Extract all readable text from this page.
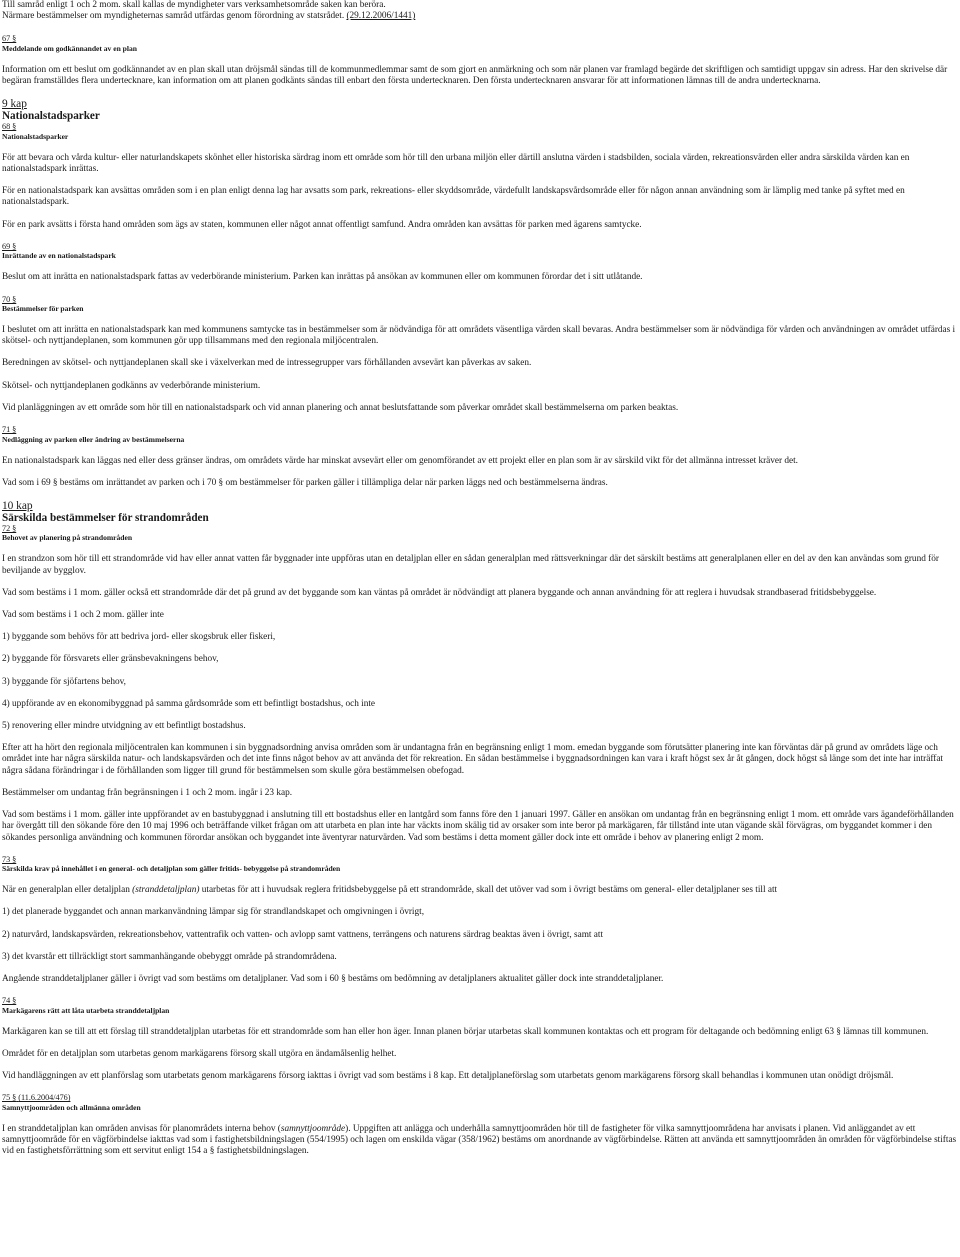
Till samråd enligt 1 och 2 mom. skall kallas de myndigheter vars verksamhetsområde saken kan beröra.

Närmare bestämmelser om myndigheternas samråd utfärdas genom förordning av statsrådet. (29.12.2006/1441)

67 §
Meddelande om godkännandet av en plan

Information om ett beslut om godkännandet av en plan skall utan dröjsmål sändas till de kommunmedlemmar samt de som gjort en anmärkning och som när planen var framlagd begärde det skriftligen och samtidigt uppgav sin adress. Har den skrivelse där begäran framställdes flera undertecknare, kan information om att planen godkänts sändas till enbart den första undertecknaren. Den första undertecknaren ansvarar för att informationen lämnas till de andra undertecknarna.

9 kap
Nationalstadsparker
68 §
Nationalstadsparker

För att bevara och vårda kultur- eller naturlandskapets skönhet eller historiska särdrag inom ett område som hör till den urbana miljön eller därtill anslutna värden i stadsbilden, sociala värden, rekreationsvärden eller andra särskilda värden kan en nationalstadspark inrättas.

För en nationalstadspark kan avsättas områden som i en plan enligt denna lag har avsatts som park, rekreations- eller skyddsområde, värdefullt landskapsvårdsområde eller för någon annan användning som är lämplig med tanke på syftet med en nationalstadspark.

För en park avsätts i första hand områden som ägs av staten, kommunen eller något annat offentligt samfund. Andra områden kan avsättas för parken med ägarens samtycke.

69 §
Inrättande av en nationalstadspark

Beslut om att inrätta en nationalstadspark fattas av vederbörande ministerium. Parken kan inrättas på ansökan av kommunen eller om kommunen förordar det i sitt utlåtande.

70 §
Bestämmelser för parken

I beslutet om att inrätta en nationalstadspark kan med kommunens samtycke tas in bestämmelser som är nödvändiga för att områdets väsentliga värden skall bevaras. Andra bestämmelser som är nödvändiga för vården och användningen av området utfärdas i skötsel- och nyttjandeplanen, som kommunen gör upp tillsammans med den regionala miljöcentralen.

Beredningen av skötsel- och nyttjandeplanen skall ske i växelverkan med de intressegrupper vars förhållanden avsevärt kan påverkas av saken.

Skötsel- och nyttjandeplanen godkänns av vederbörande ministerium.

Vid planläggningen av ett område som hör till en nationalstadspark och vid annan planering och annat beslutsfattande som påverkar området skall bestämmelserna om parken beaktas.

71 §
Nedläggning av parken eller ändring av bestämmelserna

En nationalstadspark kan läggas ned eller dess gränser ändras, om områdets värde har minskat avsevärt eller om genomförandet av ett projekt eller en plan som är av särskild vikt för det allmänna intresset kräver det.

Vad som i 69 § bestäms om inrättandet av parken och i 70 § om bestämmelser för parken gäller i tillämpliga delar när parken läggs ned och bestämmelserna ändras.

10 kap
Särskilda bestämmelser för strandområden
72 §
Behovet av planering på strandområden

I en strandzon som hör till ett strandområde vid hav eller annat vatten får byggnader inte uppföras utan en detaljplan eller en sådan generalplan med rättsverkningar där det särskilt bestäms att generalplanen eller en del av den kan användas som grund för beviljande av bygglov.

Vad som bestäms i 1 mom. gäller också ett strandområde där det på grund av det byggande som kan väntas på området är nödvändigt att planera byggande och annan användning för att reglera i huvudsak strandbaserad fritidsbebyggelse.

Vad som bestäms i 1 och 2 mom. gäller inte

1) byggande som behövs för att bedriva jord- eller skogsbruk eller fiskeri,

2) byggande för försvarets eller gränsbevakningens behov,

3) byggande för sjöfartens behov,

4) uppförande av en ekonomibyggnad på samma gårdsområde som ett befintligt bostadshus, och inte

5) renovering eller mindre utvidgning av ett befintligt bostadshus.

Efter att ha hört den regionala miljöcentralen kan kommunen i sin byggnadsordning anvisa områden som är undantagna från en begränsning enligt 1 mom. emedan byggande som förutsätter planering inte kan förväntas där på grund av områdets läge och området inte har några särskilda natur- och landskapsvärden och det inte finns något behov av att använda det för rekreation. En sådan bestämmelse i byggnadsordningen kan vara i kraft högst sex år åt gången, dock högst så länge som det inte har inträffat några sådana förändringar i de förhållanden som ligger till grund för bestämmelsen som skulle göra bestämmelsen obefogad.

Bestämmelser om undantag från begränsningen i 1 och 2 mom. ingår i 23 kap.

Vad som bestäms i 1 mom. gäller inte uppförandet av en bastubyggnad i anslutning till ett bostadshus eller en lantgård som fanns före den 1 januari 1997. Gäller en ansökan om undantag från en begränsning enligt 1 mom. ett område vars ägandeförhållanden har övergått till den sökande före den 10 maj 1996 och beträffande vilket frågan om att utarbeta en plan inte har väckts inom skälig tid av orsaker som inte beror på markägaren, får tillstånd inte utan vägande skäl förvägras, om byggandet kommer i den sökandes personliga användning och kommunen förordar ansökan och byggandet inte äventyrar naturvärden. Vad som bestäms i detta moment gäller dock inte ett område i behov av planering enligt 2 mom.

73 §
Särskilda krav på innehållet i en general- och detaljplan som gäller fritids- bebyggelse på strandområden

När en generalplan eller detaljplan (stranddetaljplan) utarbetas för att i huvudsak reglera fritidsbebyggelse på ett strandområde, skall det utöver vad som i övrigt bestäms om general- eller detaljplaner ses till att

1) det planerade byggandet och annan markanvändning lämpar sig för strandlandskapet och omgivningen i övrigt,

2) naturvård, landskapsvärden, rekreationsbehov, vattentrafik och vatten- och avlopp samt vattnens, terrängens och naturens särdrag beaktas även i övrigt, samt att

3) det kvarstår ett tillräckligt stort sammanhängande obebyggt område på strandområdena.

Angående stranddetaljplaner gäller i övrigt vad som bestäms om detaljplaner. Vad som i 60 § bestäms om bedömning av detaljplaners aktualitet gäller dock inte stranddetaljplaner.

74 §
Markägarens rätt att låta utarbeta stranddetaljplan

Markägaren kan se till att ett förslag till stranddetaljplan utarbetas för ett strandområde som han eller hon äger. Innan planen börjar utarbetas skall kommunen kontaktas och ett program för deltagande och bedömning enligt 63 § lämnas till kommunen.

Området för en detaljplan som utarbetas genom markägarens försorg skall utgöra en ändamålsenlig helhet.

Vid handläggningen av ett planförslag som utarbetats genom markägarens försorg iakttas i övrigt vad som bestäms i 8 kap. Ett detaljplaneförslag som utarbetats genom markägarens försorg skall behandlas i kommunen utan onödigt dröjsmål.

75 § (11.6.2004/476)
Samnyttjoområden och allmänna områden

I en stranddetaljplan kan områden anvisas för planområdets interna behov (samnyttjoområde). Uppgiften att anlägga och underhålla samnyttjoområden hör till de fastigheter för vilka samnyttjoområdena har anvisats i planen. Vid anläggandet av ett samnyttjoområde för en vägförbindelse iakttas vad som i fastighetsbildningslagen (554/1995) och lagen om enskilda vägar (358/1962) bestäms om anordnande av vägförbindelse. Rätten att använda ett samnyttjoområden än områden för vägförbindelse stiftas vid en fastighetsförrättning som ett servitut enligt 154 a § fastighetsbildningslagen.
